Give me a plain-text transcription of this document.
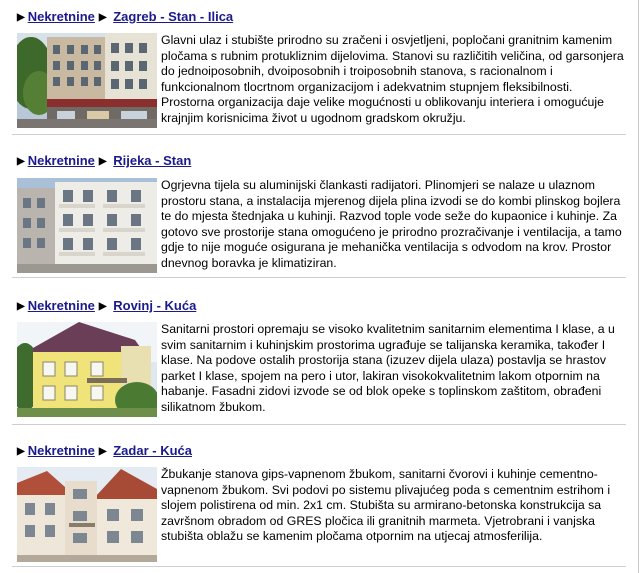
▶ Nekretnine ▶ Zagreb - Stan - Ilica

Glavni ulaz i stubište prirodno su zračeni i osvjetljeni, popločani granitnim kamenim pločama s rubnim protukliznim dijelovima. Stanovi su različitih veličina, od garsonjera do jednoiposobnih, dvoiposobnih i troiposobnih stanova, s racionalnom i funkcionalnom tlocrtnom organizacijom i adekvatnim stupnjem fleksibilnosti. Prostorna organizacija daje velike mogućnosti u oblikovanju interiera i omogućuje krajnjim korisnicima život u ugodnom gradskom okružju.

▶ Nekretnine ▶ Rijeka - Stan

Ogrjevna tijela su aluminijski člankasti radijatori. Plinomjeri se nalaze u ulaznom prostoru stana, a instalacija mjerenog dijela plina izvodi se do kombi plinskog bojlera te do mjesta štednjaka u kuhinji. Razvod tople vode seže do kupaonice i kuhinje. Za gotovo sve prostorije stana omogućeno je prirodno prozračivanje i ventilacija, a tamo gdje to nije moguće osigurana je mehanička ventilacija s odvodom na krov. Prostor dnevnog boravka je klimatiziran.

▶ Nekretnine ▶ Rovinj - Kuća

Sanitarni prostori opremaju se visoko kvalitetnim sanitarnim elementima I klase, a u svim sanitarnim i kuhinjskim prostorima ugrađuje se talijanska keramika, također I klase. Na podove ostalih prostorija stana (izuzev dijela ulaza) postavlja se hrastov parket I klase, spojem na pero i utor, lakiran visokokvalitetnim lakom otpornim na habanje. Fasadni zidovi izvode se od blok opeke s toplinskom zaštitom, obrađeni silikatnom žbukom.

▶ Nekretnine ▶ Zadar - Kuća

Žbukanje stanova gips-vapnenom žbukom, sanitarni čvorovi i kuhinje cementno-vapnenom žbukom. Svi podovi po sistemu plivajućeg poda s cementnim estrihom i slojem polistirena od min. 2x1 cm. Stubišta su armirano-betonska konstrukcija sa završnom obradom od GRES pločica ili granitnih marmeta. Vjetrobrani i vanjska stubišta oblažu se kamenim pločama otpornim na utjecaj atmosferilija.
